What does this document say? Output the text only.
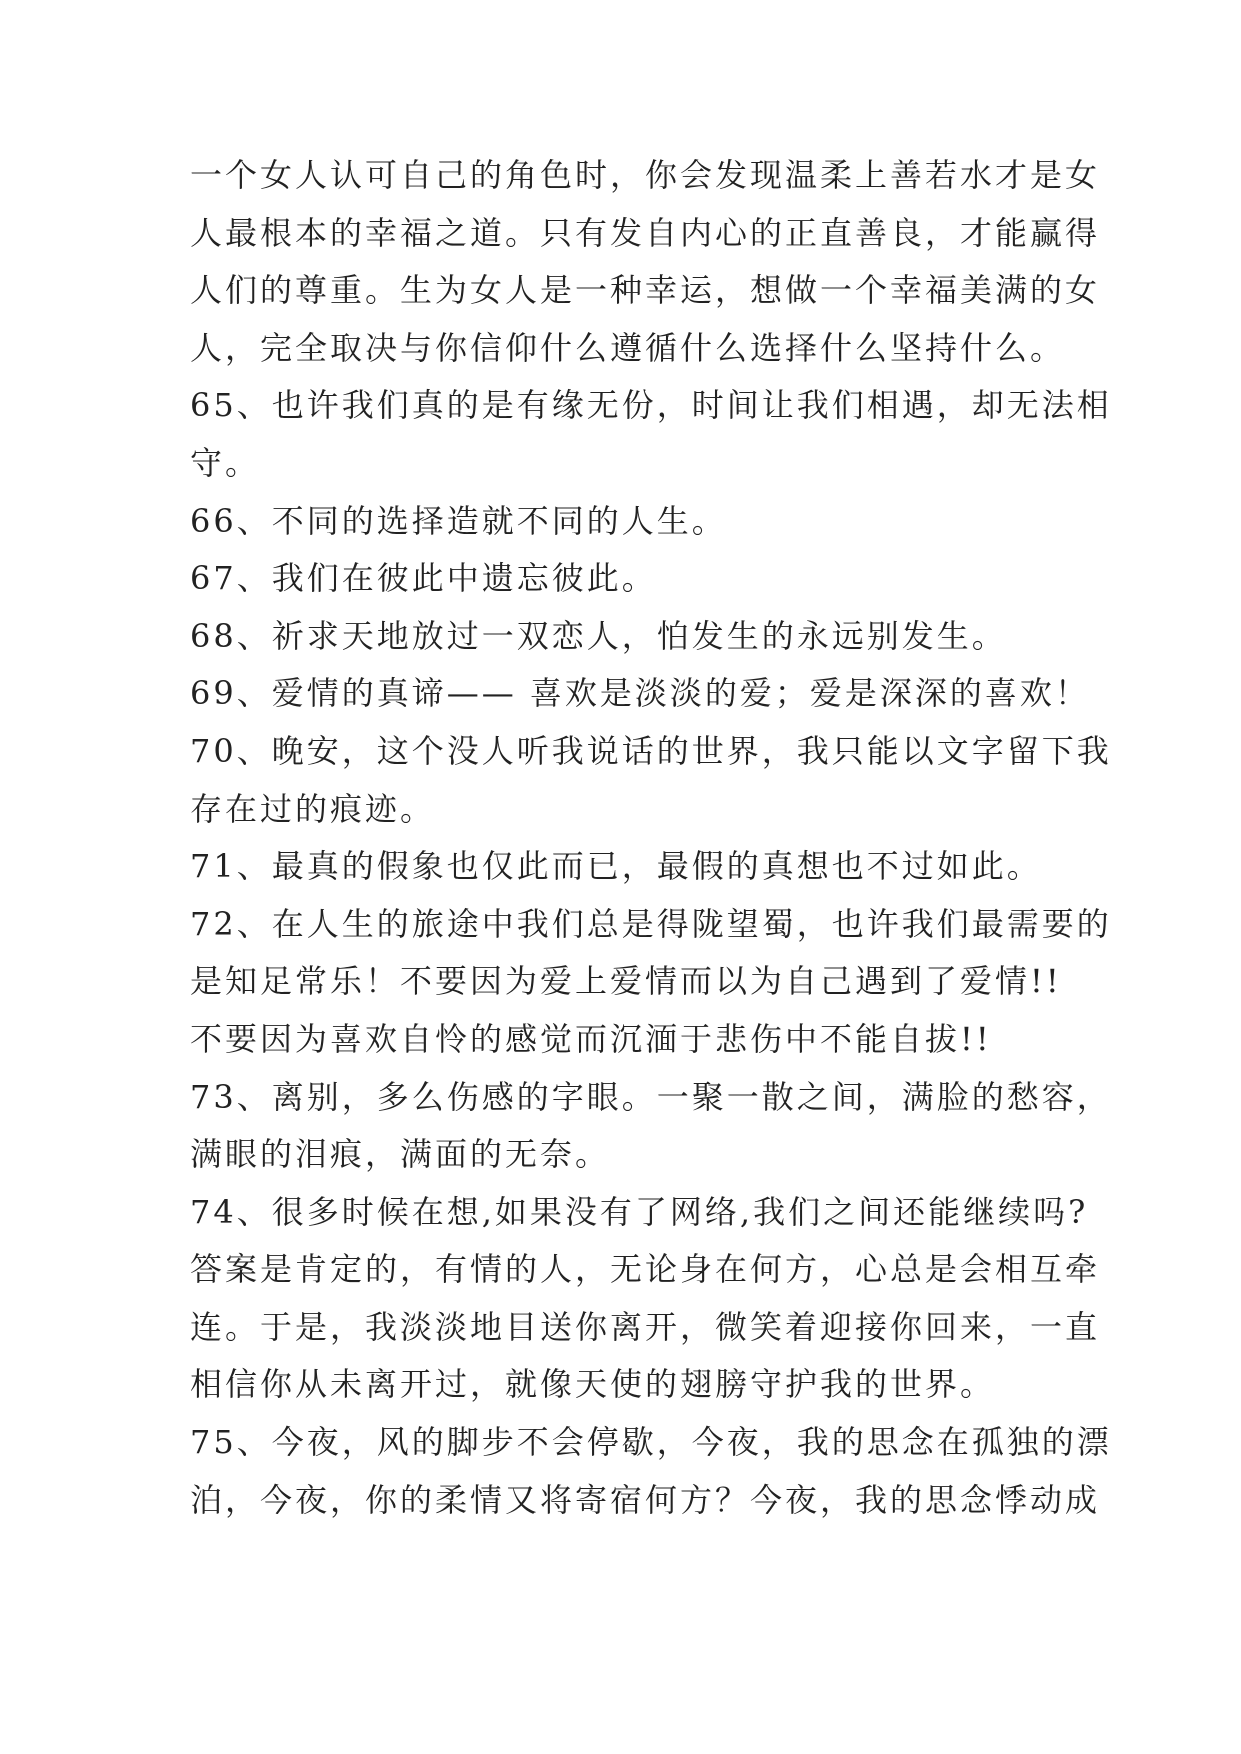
一个女人认可自己的角色时，你会发现温柔上善若水才是女
人最根本的幸福之道。只有发自内心的正直善良，才能赢得
人们的尊重。生为女人是一种幸运，想做一个幸福美满的女
人，完全取决与你信仰什么遵循什么选择什么坚持什么。
65、也许我们真的是有缘无份，时间让我们相遇，却无法相
守。
66、不同的选择造就不同的人生。
67、我们在彼此中遗忘彼此。
68、祈求天地放过一双恋人，怕发生的永远别发生。
69、爱情的真谛—— 喜欢是淡淡的爱；爱是深深的喜欢！
70、晚安，这个没人听我说话的世界，我只能以文字留下我
存在过的痕迹。
71、最真的假象也仅此而已，最假的真想也不过如此。
72、在人生的旅途中我们总是得陇望蜀，也许我们最需要的
是知足常乐！不要因为爱上爱情而以为自己遇到了爱情!!
不要因为喜欢自怜的感觉而沉湎于悲伤中不能自拔!!
73、离别，多么伤感的字眼。一聚一散之间，满脸的愁容，
满眼的泪痕，满面的无奈。
74、很多时候在想,如果没有了网络,我们之间还能继续吗?
答案是肯定的，有情的人，无论身在何方，心总是会相互牵
连。于是，我淡淡地目送你离开，微笑着迎接你回来，一直
相信你从未离开过，就像天使的翅膀守护我的世界。
75、今夜，风的脚步不会停歇，今夜，我的思念在孤独的漂
泊，今夜，你的柔情又将寄宿何方？今夜，我的思念悸动成
